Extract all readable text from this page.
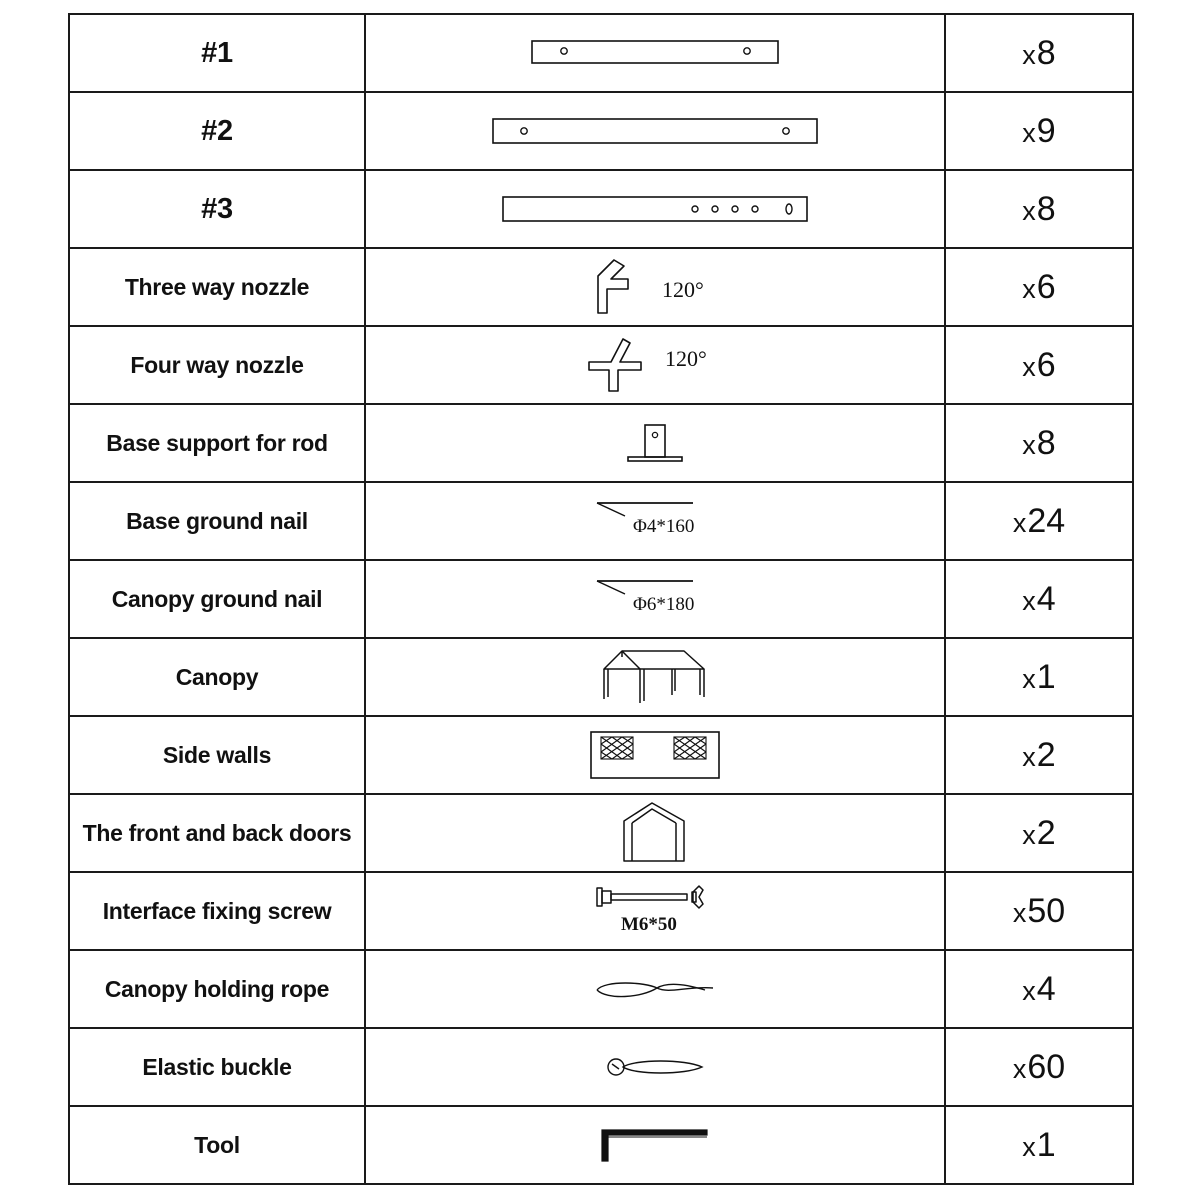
#1		x8
#2		x9
#3		x8
Three way nozzle	120°	x6
Four way nozzle	120°	x6
Base support for rod		x8
Base ground nail	Φ4*160	x24
Canopy ground nail	Φ6*180	x4
Canopy		x1
Side walls		x2
The front and back doors		x2
Interface fixing screw	M6*50	x50
Canopy holding rope		x4
Elastic buckle		x60
Tool		x1
